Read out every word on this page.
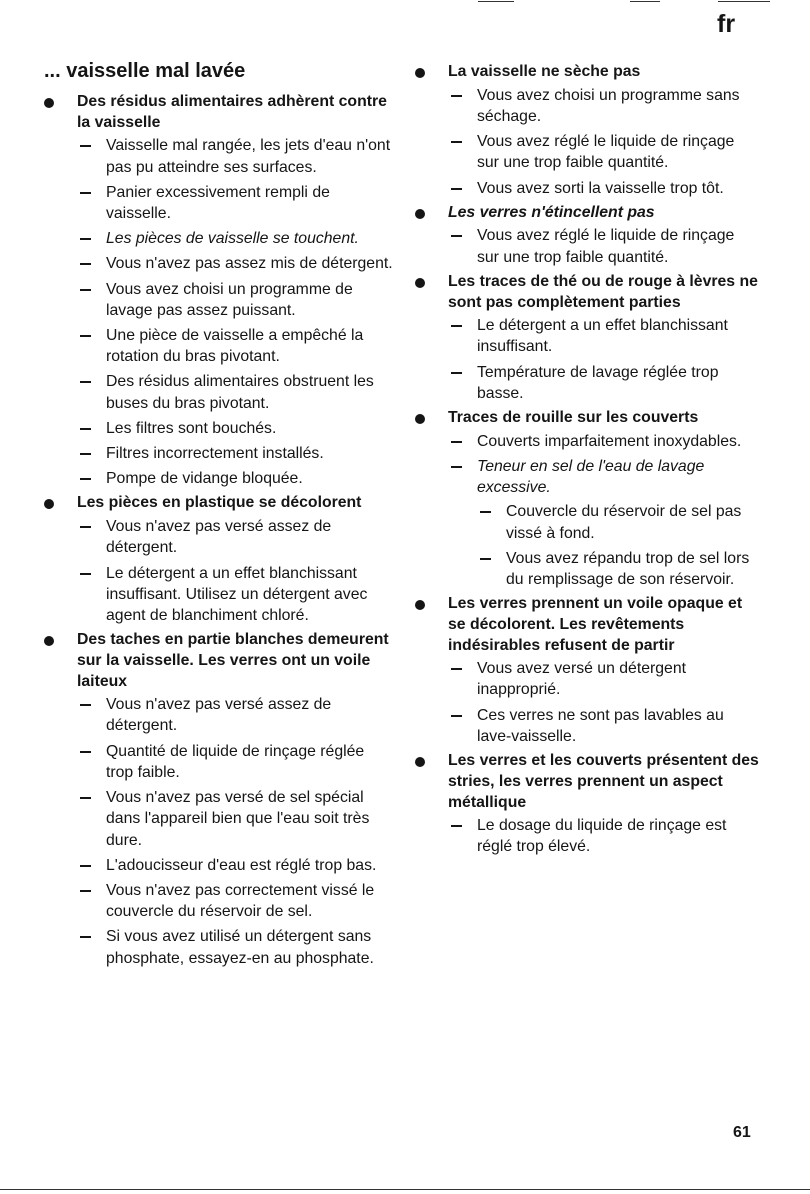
fr
... vaisselle mal lavée
Des résidus alimentaires adhèrent contre la vaisselle
Vaisselle mal rangée, les jets d'eau n'ont pas pu atteindre ses surfaces.
Panier excessivement rempli de vaisselle.
Les pièces de vaisselle se touchent.
Vous n'avez pas assez mis de détergent.
Vous avez choisi un programme de lavage pas assez puissant.
Une pièce de vaisselle a empêché la rotation du bras pivotant.
Des résidus alimentaires obstruent les buses du bras pivotant.
Les filtres sont bouchés.
Filtres incorrectement installés.
Pompe de vidange bloquée.
Les pièces en plastique se décolorent
Vous n'avez pas versé assez de détergent.
Le détergent a un effet blanchissant insuffisant. Utilisez un détergent avec agent de blanchiment chloré.
Des taches en partie blanches demeurent sur la vaisselle. Les verres ont un voile laiteux
Vous n'avez pas versé assez de détergent.
Quantité de liquide de rinçage réglée trop faible.
Vous n'avez pas versé de sel spécial dans l'appareil bien que l'eau soit très dure.
L'adoucisseur d'eau est réglé trop bas.
Vous n'avez pas correctement vissé le couvercle du réservoir de sel.
Si vous avez utilisé un détergent sans phosphate, essayez-en au phosphate.
La vaisselle ne sèche pas
Vous avez choisi un programme sans séchage.
Vous avez réglé le liquide de rinçage sur une trop faible quantité.
Vous avez sorti la vaisselle trop tôt.
Les verres n'étincellent pas
Vous avez réglé le liquide de rinçage sur une trop faible quantité.
Les traces de thé ou de rouge à lèvres ne sont pas complètement parties
Le détergent a un effet blanchissant insuffisant.
Température de lavage réglée trop basse.
Traces de rouille sur les couverts
Couverts imparfaitement inoxydables.
Teneur en sel de l'eau de lavage excessive.
Couvercle du réservoir de sel pas vissé à fond.
Vous avez répandu trop de sel lors du remplissage de son réservoir.
Les verres prennent un voile opaque et se décolorent. Les revêtements indésirables refusent de partir
Vous avez versé un détergent inapproprié.
Ces verres ne sont pas lavables au lave-vaisselle.
Les verres et les couverts présentent des stries, les verres prennent un aspect métallique
Le dosage du liquide de rinçage est réglé trop élevé.
61
